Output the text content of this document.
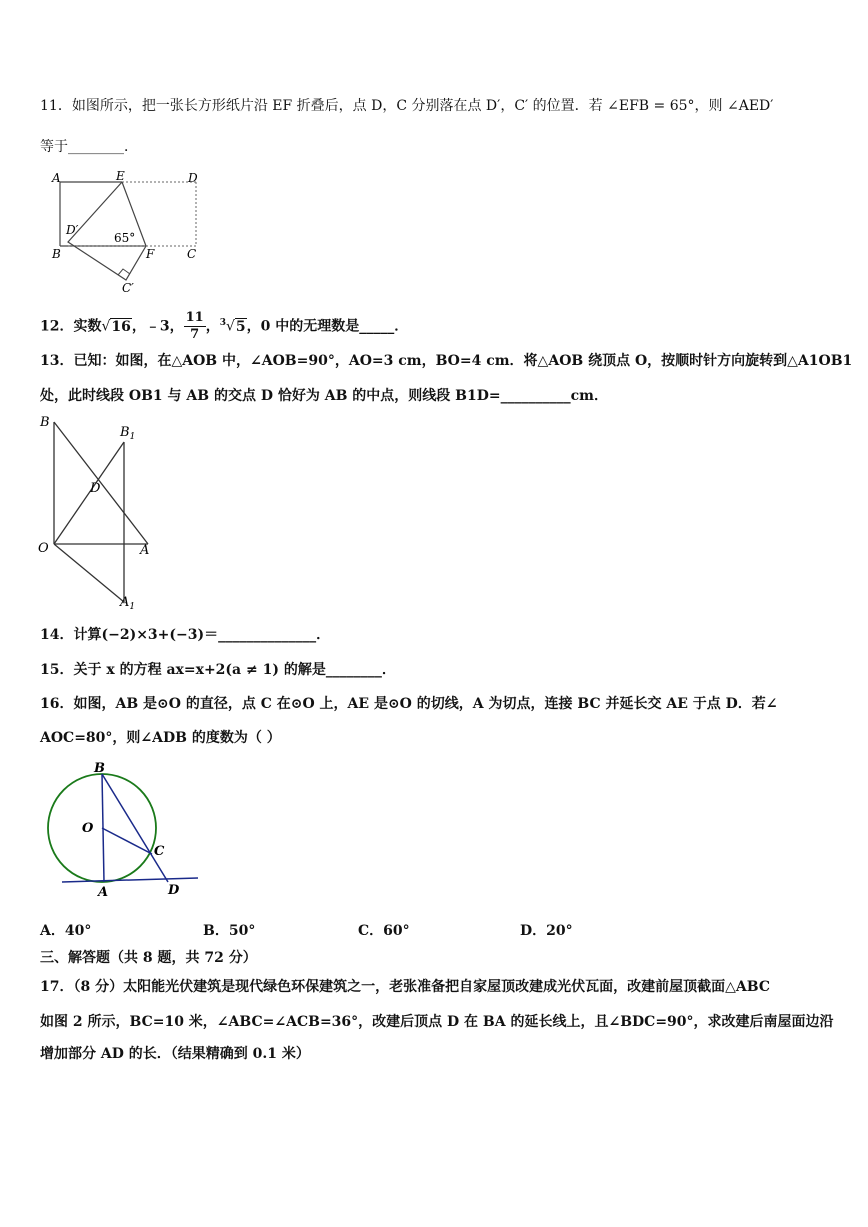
11．如图所示，把一张长方形纸片沿 EF 折叠后，点 D，C 分别落在点 D′，C′ 的位置．若 ∠EFB = 65°，则 ∠AED′
等于________．
A	E	D
D′
65°
B	F	C
C′
12．实数√16，﹣3， $\frac{11}{7}$ ，$^3$√5，0 中的无理数是_____．
13．已知：如图，在△AOB 中，∠AOB=90°，AO=3 cm，BO=4 cm．将△AOB 绕顶点 O，按顺时针方向旋转到△A1OB1
处，此时线段 OB1 与 AB 的交点 D 恰好为 AB 的中点，则线段 B1D=__________cm．
B
$B_1$
D
O	A
$A_1$
14．计算(−2)×3+(−3)＝______________．
15．关于 x 的方程 ax=x+2(a ≠ 1) 的解是________．
16．如图，AB 是⊙O 的直径，点 C 在⊙O 上，AE 是⊙O 的切线，A 为切点，连接 BC 并延长交 AE 于点 D．若∠
AOC=80°，则∠ADB 的度数为（ ）
B
O
C
A	D
A．40°	B．50°	C．60°	D．20°
三、解答题（共 8 题，共 72 分）
17．（8 分）太阳能光伏建筑是现代绿色环保建筑之一，老张准备把自家屋顶改建成光伏瓦面，改建前屋顶截面△ABC
如图 2 所示，BC=10 米，∠ABC=∠ACB=36°，改建后顶点 D 在 BA 的延长线上，且∠BDC=90°，求改建后南屋面边沿
增加部分 AD 的长．（结果精确到 0.1 米）
